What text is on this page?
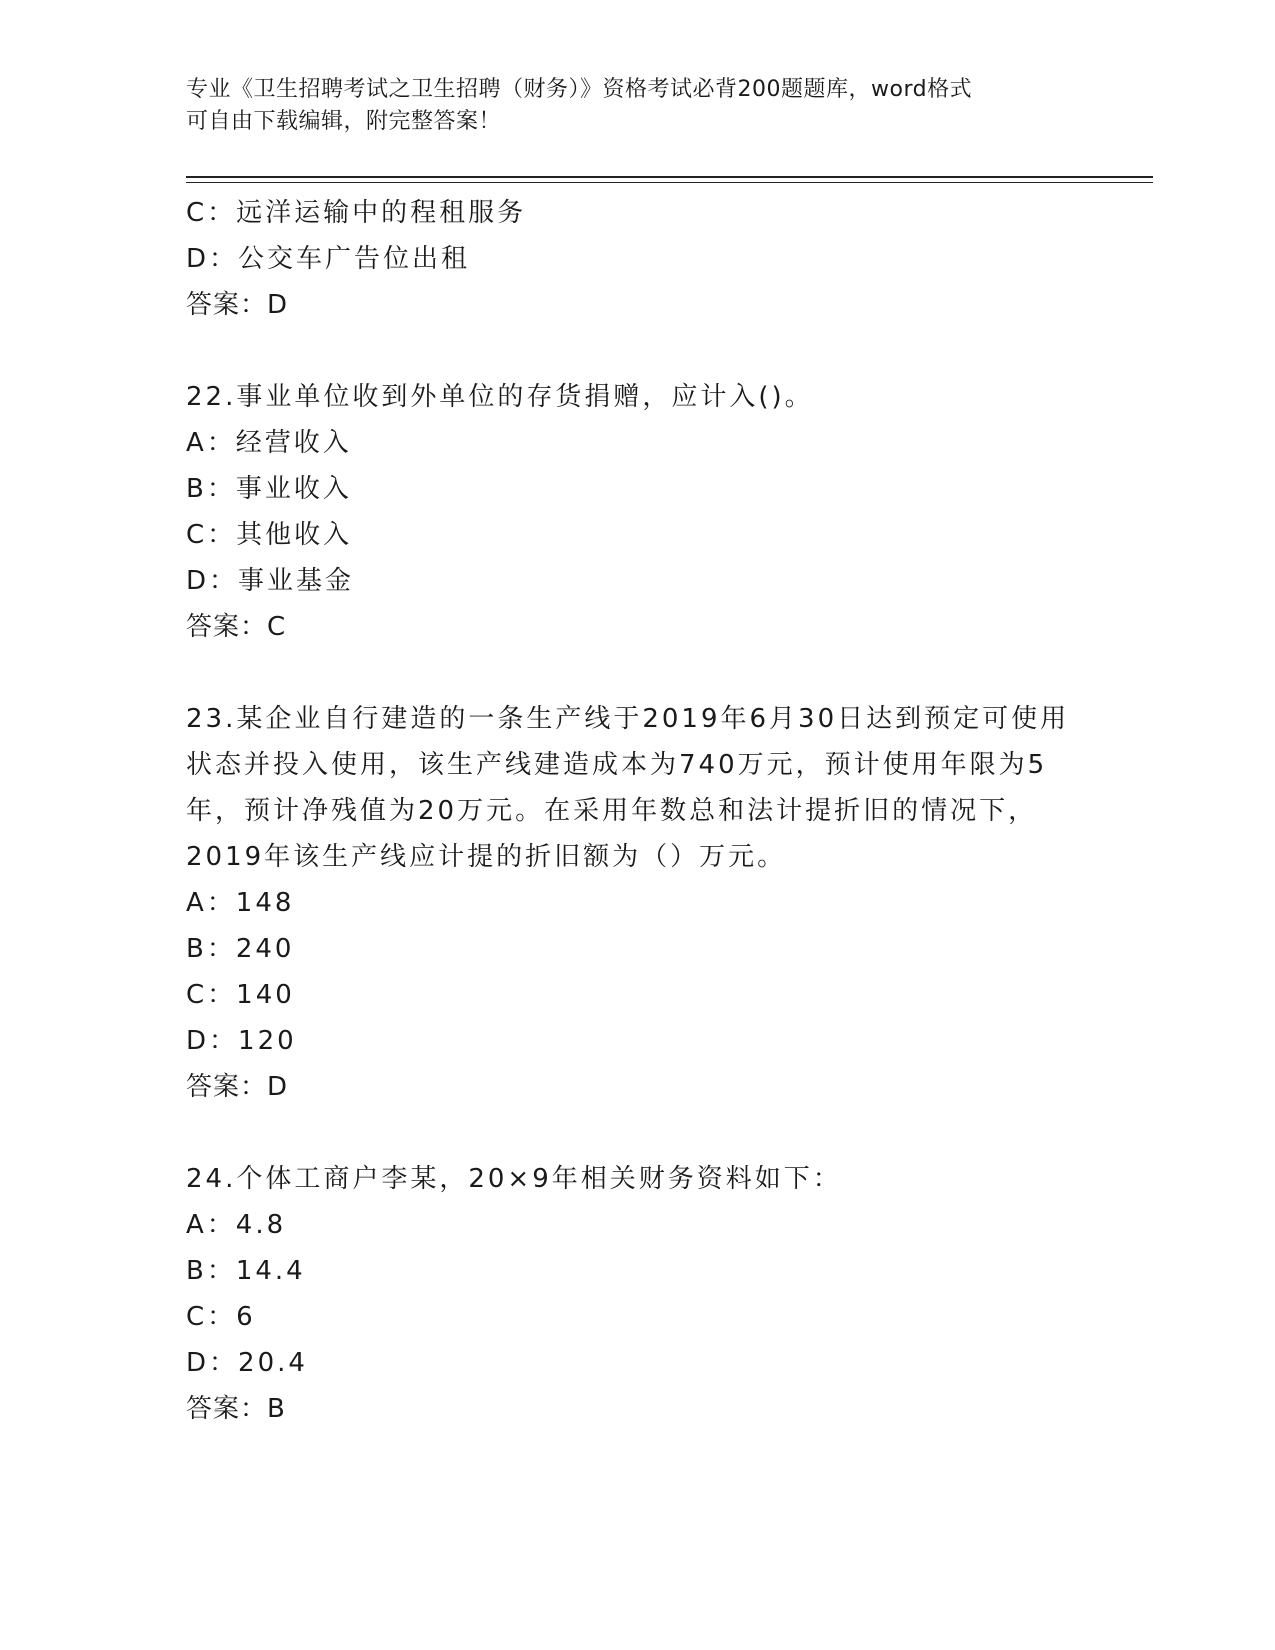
专业《卫生招聘考试之卫生招聘（财务）》资格考试必背200题题库，word格式
可自由下载编辑，附完整答案！
C：远洋运输中的程租服务
D：公交车广告位出租
答案：D
22.事业单位收到外单位的存货捐赠，应计入()。
A：经营收入
B：事业收入
C：其他收入
D：事业基金
答案：C
23.某企业自行建造的一条生产线于2019年6月30日达到预定可使用
状态并投入使用，该生产线建造成本为740万元，预计使用年限为5
年，预计净残值为20万元。在采用年数总和法计提折旧的情况下，
2019年该生产线应计提的折旧额为（）万元。
A：148
B：240
C：140
D：120
答案：D
24.个体工商户李某，20×9年相关财务资料如下：
A：4.8
B：14.4
C：6
D：20.4
答案：B
